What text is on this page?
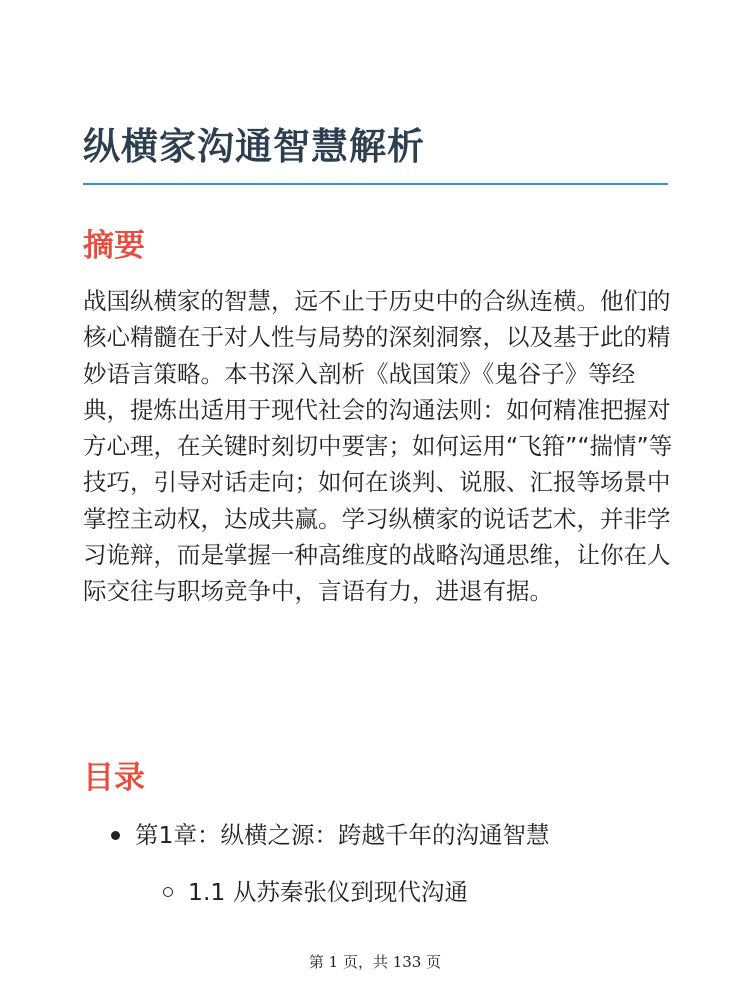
纵横家沟通智慧解析
摘要

战国纵横家的智慧，远不止于历史中的合纵连横。他们的核心精髓在于对人性与局势的深刻洞察，以及基于此的精妙语言策略。本书深入剖析《战国策》《鬼谷子》等经典，提炼出适用于现代社会的沟通法则：如何精准把握对方心理，在关键时刻切中要害；如何运用“飞箝”“揣情”等技巧，引导对话走向；如何在谈判、说服、汇报等场景中掌控主动权，达成共赢。学习纵横家的说话艺术，并非学习诡辩，而是掌握一种高维度的战略沟通思维，让你在人际交往与职场竞争中，言语有力，进退有据。

目录
第1章：纵横之源：跨越千年的沟通智慧
1.1 从苏秦张仪到现代沟通
第 1 页，共 133 页
